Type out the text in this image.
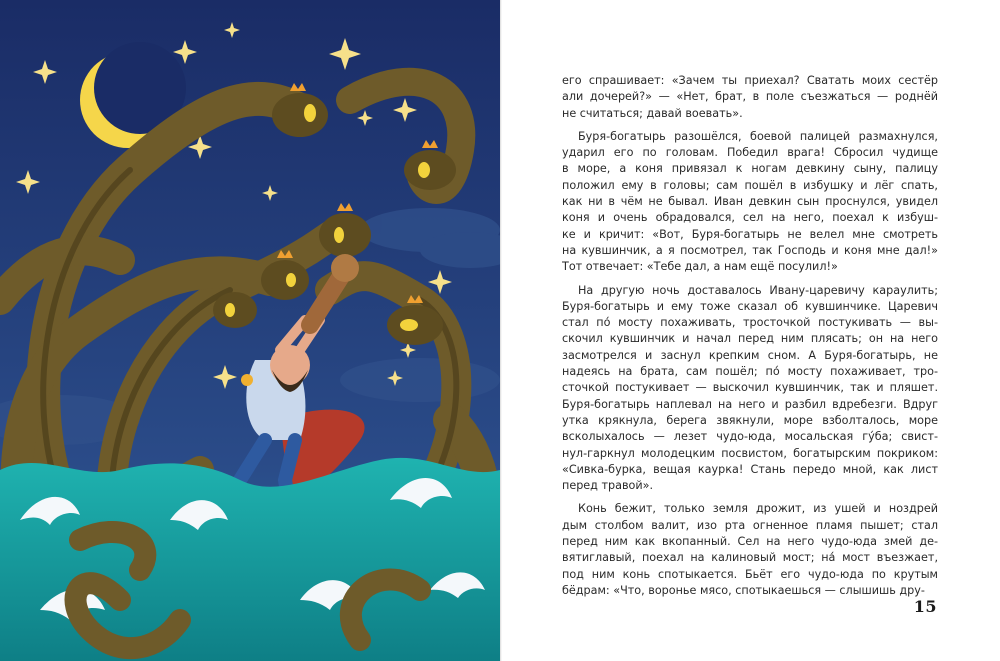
его спрашивает: «Зачем ты приехал? Сватать моих сестёр
али дочерей?» — «Нет, брат, в поле съезжаться — роднёй
не считаться; давай воевать».
Буря-богатырь разошёлся, боевой палицей размахнулся,
ударил его по головам. Победил врага! Сбросил чудище
в море, а коня привязал к ногам девкину сыну, палицу
положил ему в головы; сам пошёл в избушку и лёг спать,
как ни в чём не бывал. Иван девкин сын проснулся, увидел
коня и очень обрадовался, сел на него, поехал к избуш-
ке и кричит: «Вот, Буря-богатырь не велел мне смотреть
на кувшинчик, а я посмотрел, так Господь и коня мне дал!»
Тот отвечает: «Тебе дал, а нам ещё посулил!»
На другую ночь доставалось Ивану-царевичу караулить;
Буря-богатырь и ему тоже сказал об кувшинчике. Царевич
стал по́ мосту похаживать, тросточкой постукивать — вы-
скочил кувшинчик и начал перед ним плясать; он на него
засмотрелся и заснул крепким сном. А Буря-богатырь, не
надеясь на брата, сам пошёл; по́ мосту похаживает, тро-
сточкой постукивает — выскочил кувшинчик, так и пляшет.
Буря-богатырь наплевал на него и разбил вдребезги. Вдруг
утка крякнула, берега звякнули, море взболталось, море
всколыхалось — лезет чудо-юда, мосальская гу́ба; свист-
нул-гаркнул молодецким посвистом, богатырским покриком:
«Сивка-бурка, вещая каурка! Стань передо мной, как лист
перед травой».
Конь бежит, только земля дрожит, из ушей и ноздрей
дым столбом валит, изо рта огненное пламя пышет; стал
перед ним как вкопанный. Сел на него чудо-юда змей де-
вятиглавый, поехал на калиновый мост; на́ мост въезжает,
под ним конь спотыкается. Бьёт его чудо-юда по крутым
бёдрам: «Что, воронье мясо, спотыкаешься — слышишь дру-
15
